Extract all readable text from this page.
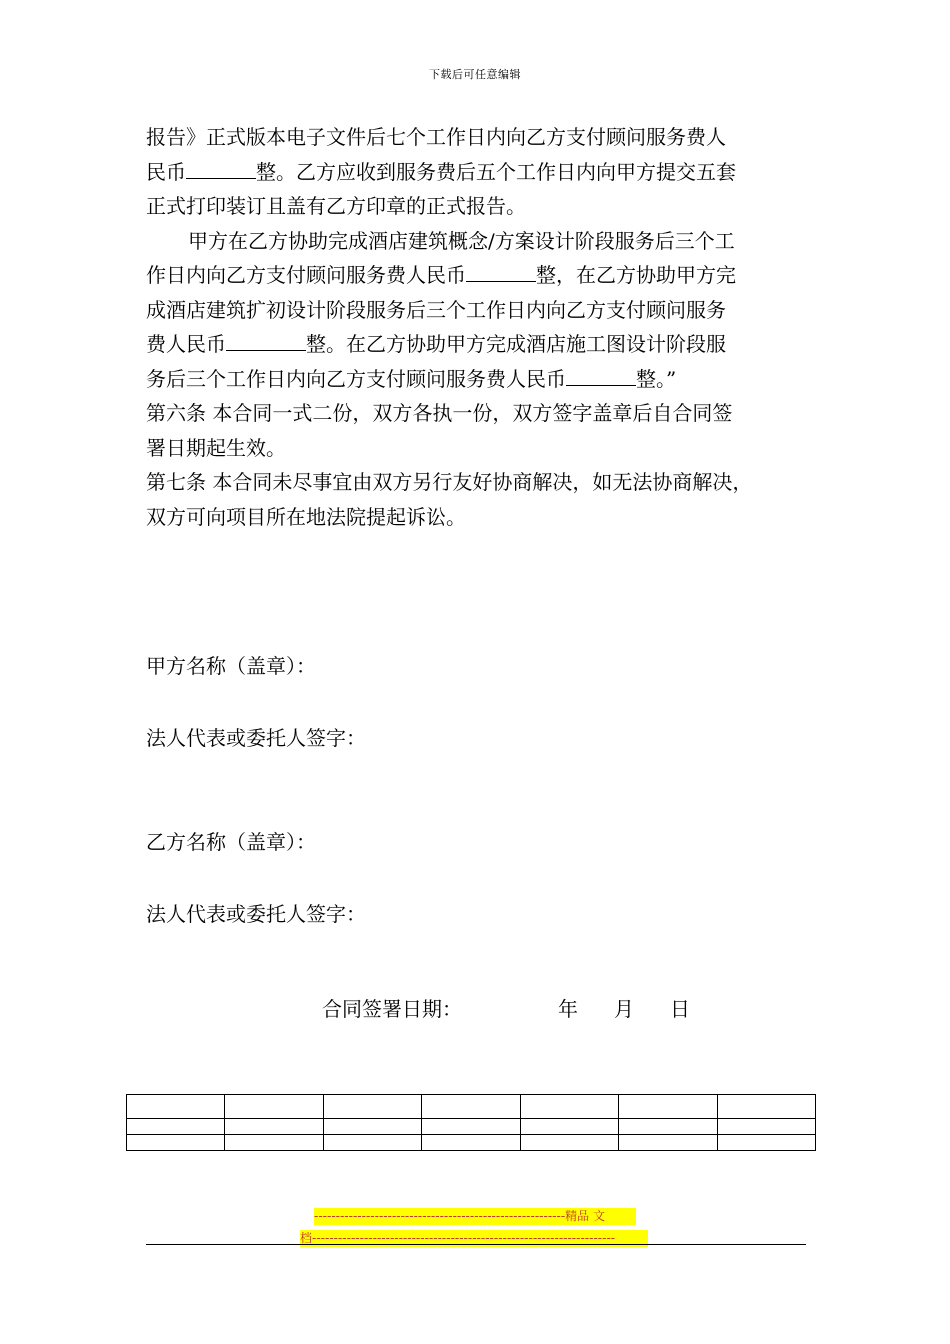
下载后可任意编辑
报告》正式版本电子文件后七个工作日内向乙方支付顾问服务费人
民币	整。乙方应收到服务费后五个工作日内向甲方提交五套
正式打印装订且盖有乙方印章的正式报告。
甲方在乙方协助完成酒店建筑概念/方案设计阶段服务后三个工
作日内向乙方支付顾问服务费人民币	整，在乙方协助甲方完
成酒店建筑扩初设计阶段服务后三个工作日内向乙方支付顾问服务
费人民币	整。在乙方协助甲方完成酒店施工图设计阶段服
务后三个工作日内向乙方支付顾问服务费人民币	整。”
第六条 本合同一式二份，双方各执一份，双方签字盖章后自合同签
署日期起生效。
第七条 本合同未尽事宜由双方另行友好协商解决，如无法协商解决，
双方可向项目所在地法院提起诉讼。
甲方名称（盖章）：
法人代表或委托人签字：
乙方名称（盖章）：
法人代表或委托人签字：
合同签署日期：	年 月 日

----------------------------------------------------------精品 文
档----------------------------------------------------------------------
